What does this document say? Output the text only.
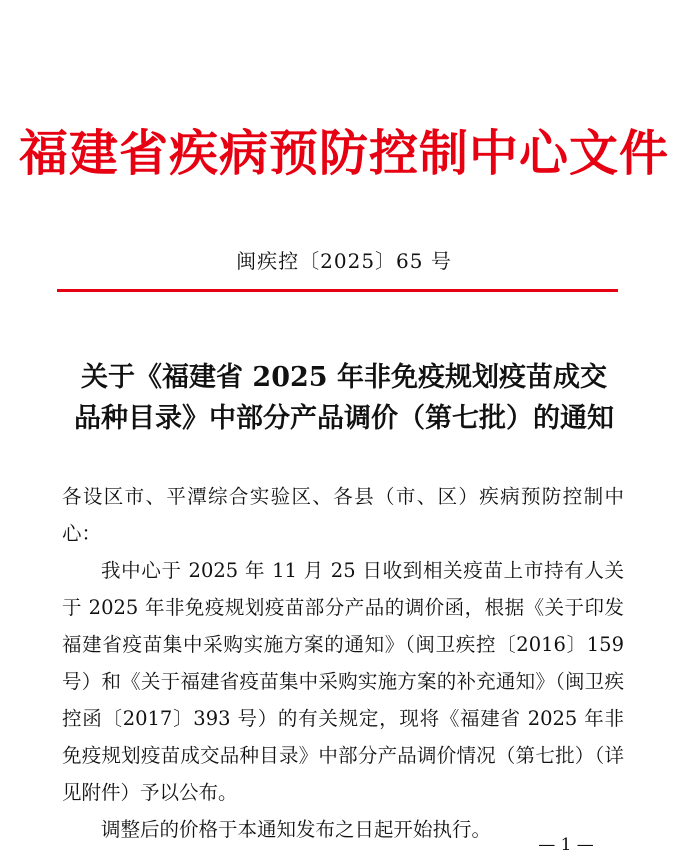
福建省疾病预防控制中心文件
闽疾控〔2025〕65 号
关于《福建省 2025 年非免疫规划疫苗成交
品种目录》中部分产品调价（第七批）的通知

各设区市、平潭综合实验区、各县（市、区）疾病预防控制中心：

我中心于 2025 年 11 月 25 日收到相关疫苗上市持有人关于 2025 年非免疫规划疫苗部分产品的调价函，根据《关于印发福建省疫苗集中采购实施方案的通知》（闽卫疾控〔2016〕159 号）和《关于福建省疫苗集中采购实施方案的补充通知》（闽卫疾控函〔2017〕393 号）的有关规定，现将《福建省 2025 年非免疫规划疫苗成交品种目录》中部分产品调价情况（第七批）（详见附件）予以公布。

调整后的价格于本通知发布之日起开始执行。

— 1 —
